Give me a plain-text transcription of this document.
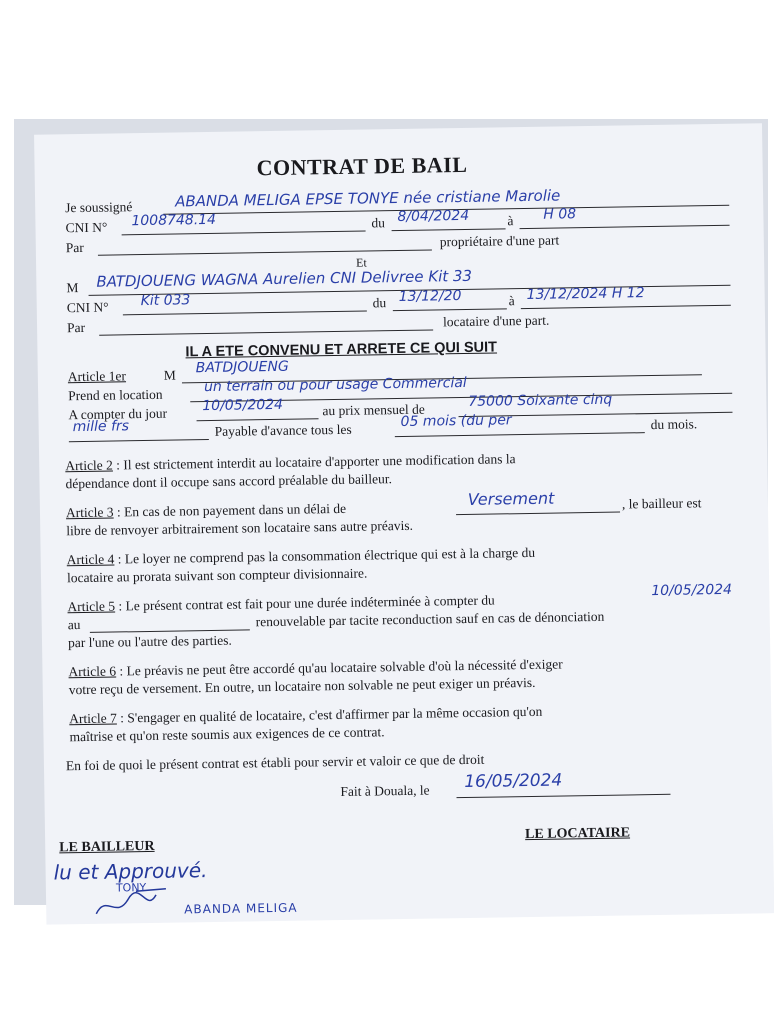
CONTRAT DE BAIL
Je soussigné	ABANDA MELIGA EPSE TONYE née cristiane Marolie
CNI N° 1008748.14	du 8/04/2024	à H 08
Par	propriétaire d'une part
Et
M BATDJOUENG WAGNA Aurelien CNI Delivree Kit 33
CNI N° Kit 033	du 13/12/20	à 13/12/2024 H 12
Par	locataire d'une part.
IL A ETE CONVENU ET ARRETE CE QUI SUIT
Article 1er	M BATDJOUENG
Prend en location	un terrain ou pour usage Commercial
A compter du jour	10/05/2024	au prix mensuel de	75000 Soixante cinq
mille frs	Payable d'avance tous les
05 mois (du per	du mois.
Article 2 : Il est strictement interdit au locataire d'apporter une modification dans la
dépendance dont il occupe sans accord préalable du bailleur.
Article 3 : En cas de non payement dans un délai de
Versement	, le bailleur est
libre de renvoyer arbitrairement son locataire sans autre préavis.
Article 4 : Le loyer ne comprend pas la consommation électrique qui est à la charge du
locataire au prorata suivant son compteur divisionnaire.
Article 5 : Le présent contrat est fait pour une durée indéterminée à compter du
10/05/2024
au	renouvelable par tacite reconduction sauf en cas de dénonciation
par l'une ou l'autre des parties.
Article 6 : Le préavis ne peut être accordé qu'au locataire solvable d'où la nécessité d'exiger
votre reçu de versement. En outre, un locataire non solvable ne peut exiger un préavis.
Article 7 : S'engager en qualité de locataire, c'est d'affirmer par la même occasion qu'on
maîtrise et qu'on reste soumis aux exigences de ce contrat.
En foi de quoi le présent contrat est établi pour servir et valoir ce que de droit
Fait à Douala, le 16/05/2024
LE BAILLEUR
LE LOCATAIRE
lu et Approuvé.
TONY
ABANDA MELIGA
